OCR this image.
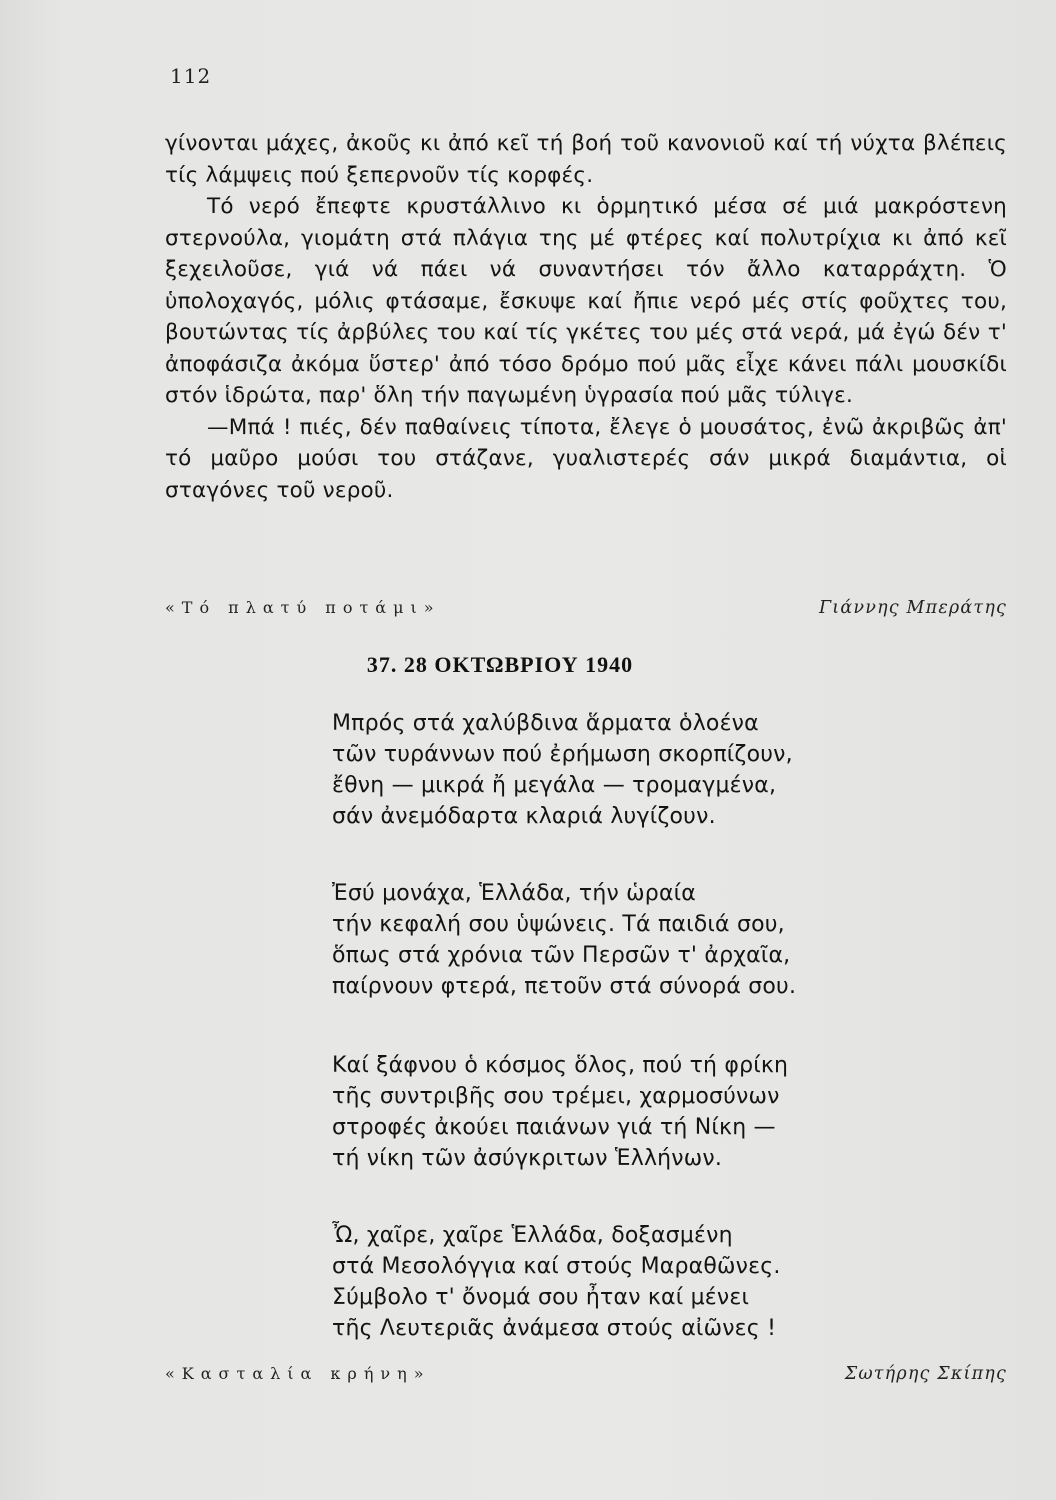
112

γίνονται μάχες, ἀκοῦς κι ἀπό κεῖ τή βοή τοῦ κανονιοῦ καί τή νύχτα βλέπεις τίς λάμψεις πού ξεπερνοῦν τίς κορφές.

Τό νερό ἔπεφτε κρυστάλλινο κι ὁρμητικό μέσα σέ μιά μακρόστενη στερνούλα, γιομάτη στά πλάγια της μέ φτέρες καί πολυτρίχια κι ἀπό κεῖ ξεχειλοῦσε, γιά νά πάει νά συναντήσει τόν ἄλλο καταρράχτη. Ὁ ὑπολοχαγός, μόλις φτάσαμε, ἔσκυψε καί ἤπιε νερό μές στίς φοῦχτες του, βουτώντας τίς ἀρβύλες του καί τίς γκέτες του μές στά νερά, μά ἐγώ δέν τ' ἀποφάσιζα ἀκόμα ὕστερ' ἀπό τόσο δρόμο πού μᾶς εἶχε κάνει πάλι μουσκίδι στόν ἱδρώτα, παρ' ὅλη τήν παγωμένη ὑγρασία πού μᾶς τύλιγε.

—Μπά ! πιές, δέν παθαίνεις τίποτα, ἔλεγε ὁ μουσάτος, ἐνῶ ἀκριβῶς ἀπ' τό μαῦρο μούσι του στάζανε, γυαλιστερές σάν μικρά διαμάντια, οἱ σταγόνες τοῦ νεροῦ.

«Τό πλατύ ποτάμι»	Γιάννης Μπεράτης
37. 28 ΟΚΤΩΒΡΙΟΥ 1940
Μπρός στά χαλύβδινα ἅρματα ὁλοένα
τῶν τυράννων πού ἐρήμωση σκορπίζουν,
ἔθνη — μικρά ἤ μεγάλα — τρομαγμένα,
σάν ἀνεμόδαρτα κλαριά λυγίζουν.
Ἐσύ μονάχα, Ἑλλάδα, τήν ὡραία
τήν κεφαλή σου ὑψώνεις. Τά παιδιά σου,
ὅπως στά χρόνια τῶν Περσῶν τ' ἀρχαῖα,
παίρνουν φτερά, πετοῦν στά σύνορά σου.
Καί ξάφνου ὁ κόσμος ὅλος, πού τή φρίκη
τῆς συντριβῆς σου τρέμει, χαρμοσύνων
στροφές ἀκούει παιάνων γιά τή Νίκη —
τή νίκη τῶν ἀσύγκριτων Ἑλλήνων.
Ὦ, χαῖρε, χαῖρε Ἑλλάδα, δοξασμένη
στά Μεσολόγγια καί στούς Μαραθῶνες.
Σύμβολο τ' ὄνομά σου ἦταν καί μένει
τῆς Λευτεριᾶς ἀνάμεσα στούς αἰῶνες !
«Κασταλία κρήνη»	Σωτήρης Σκίπης
